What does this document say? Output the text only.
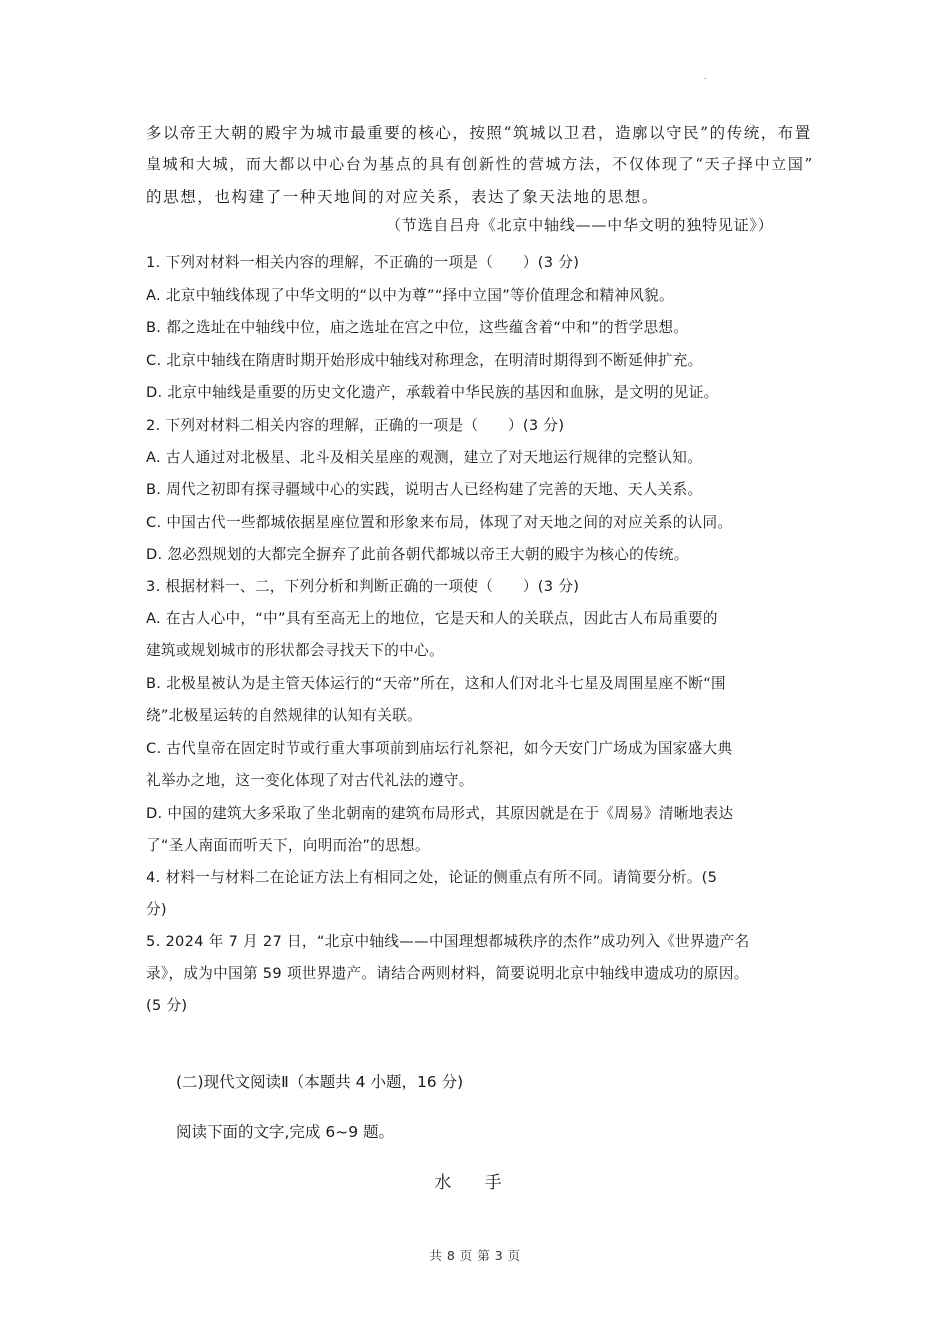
多以帝王大朝的殿宇为城市最重要的核心，按照“筑城以卫君，造廓以守民”的传统，布置
皇城和大城，而大都以中心台为基点的具有创新性的营城方法，不仅体现了“天子择中立国”
的思想，也构建了一种天地间的对应关系，表达了象天法地的思想。
（节选自吕舟《北京中轴线——中华文明的独特见证》）
1. 下列对材料一相关内容的理解，不正确的一项是（　　）(3 分)
A. 北京中轴线体现了中华文明的“以中为尊”“择中立国”等价值理念和精神风貌。
B. 都之选址在中轴线中位，庙之选址在宫之中位，这些蕴含着“中和”的哲学思想。
C. 北京中轴线在隋唐时期开始形成中轴线对称理念，在明清时期得到不断延伸扩充。
D. 北京中轴线是重要的历史文化遗产，承载着中华民族的基因和血脉，是文明的见证。
2. 下列对材料二相关内容的理解，正确的一项是（　　）(3 分)
A. 古人通过对北极星、北斗及相关星座的观测，建立了对天地运行规律的完整认知。
B. 周代之初即有探寻疆域中心的实践，说明古人已经构建了完善的天地、天人关系。
C. 中国古代一些都城依据星座位置和形象来布局，体现了对天地之间的对应关系的认同。
D. 忽必烈规划的大都完全摒弃了此前各朝代都城以帝王大朝的殿宇为核心的传统。
3. 根据材料一、二，下列分析和判断正确的一项使（　　）(3 分)
A. 在古人心中，“中”具有至高无上的地位，它是天和人的关联点，因此古人布局重要的
建筑或规划城市的形状都会寻找天下的中心。
B. 北极星被认为是主管天体运行的“天帝”所在，这和人们对北斗七星及周围星座不断“围
绕”北极星运转的自然规律的认知有关联。
C. 古代皇帝在固定时节或行重大事项前到庙坛行礼祭祀，如今天安门广场成为国家盛大典
礼举办之地，这一变化体现了对古代礼法的遵守。
D. 中国的建筑大多采取了坐北朝南的建筑布局形式，其原因就是在于《周易》清晰地表达
了“圣人南面而听天下，向明而治”的思想。
4. 材料一与材料二在论证方法上有相同之处，论证的侧重点有所不同。请简要分析。(5
分)
5. 2024 年 7 月 27 日，“北京中轴线——中国理想都城秩序的杰作”成功列入《世界遗产名
录》，成为中国第 59 项世界遗产。请结合两则材料，简要说明北京中轴线申遗成功的原因。
(5 分)
(二)现代文阅读Ⅱ（本题共 4 小题，16 分)
阅读下面的文字,完成 6~9 题。
水 手
共 8 页 第 3 页
